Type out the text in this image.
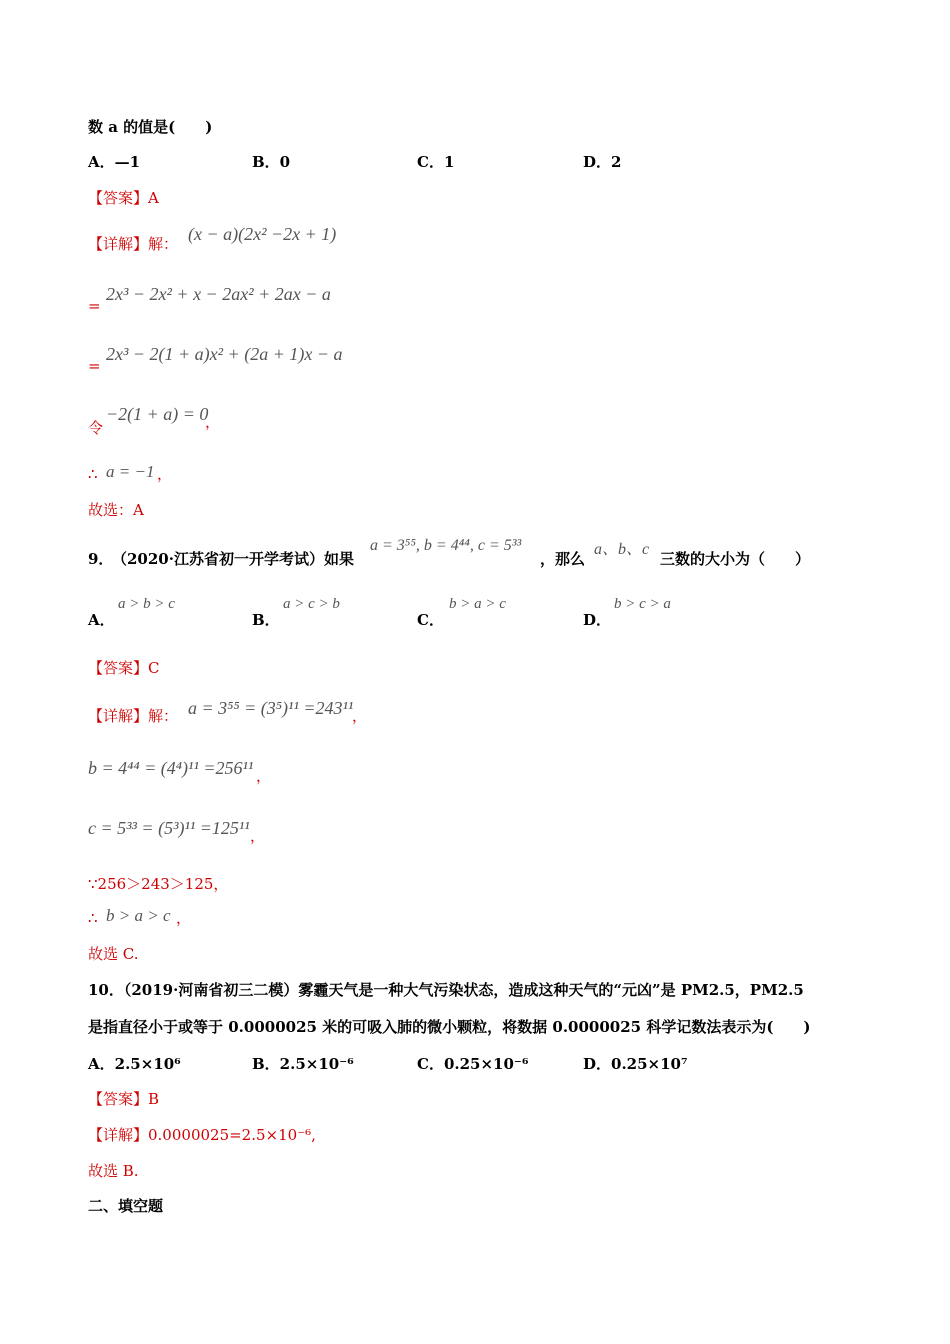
数 a 的值是(　　)
A．—1	B．0	C．1	D．2
【答案】A
【详解】解： (x − a)(2x² −2x + 1)
=
2x³ − 2x² + x − 2ax² + 2ax − a
=
2x³ − 2(1 + a)x² + (2a + 1)x − a
令
−2(1 + a) = 0
，
∴ a = −1 ，
故选：A
9．
（2020·江苏省初一开学考试）如果
a = 3⁵⁵, b = 4⁴⁴, c = 5³³
，那么
a、b、c
三数的大小为（　　）
A．
a > b > c
B．
a > c > b
C．
b > a > c
D．
b > c > a
【答案】C
【详解】解： a = 3⁵⁵ = (3⁵)¹¹ =243¹¹
，
b = 4⁴⁴ = (4⁴)¹¹ =256¹¹ ，
c = 5³³ = (5³)¹¹ =125¹¹ ，
∵256＞243＞125，
∴ b > a > c ，
故选 C.
10．（2019·河南省初三二模）雾霾天气是一种大气污染状态，造成这种天气的“元凶”是 PM2.5，PM2.5
是指直径小于或等于 0.0000025 米的可吸入肺的微小颗粒，将数据 0.0000025 科学记数法表示为(　　)
A．2.5×10⁶	B．2.5×10⁻⁶	C．0.25×10⁻⁶	D．0.25×10⁷
【答案】B
【详解】0.0000025=2.5×10⁻⁶,
故选 B.
二、填空题
